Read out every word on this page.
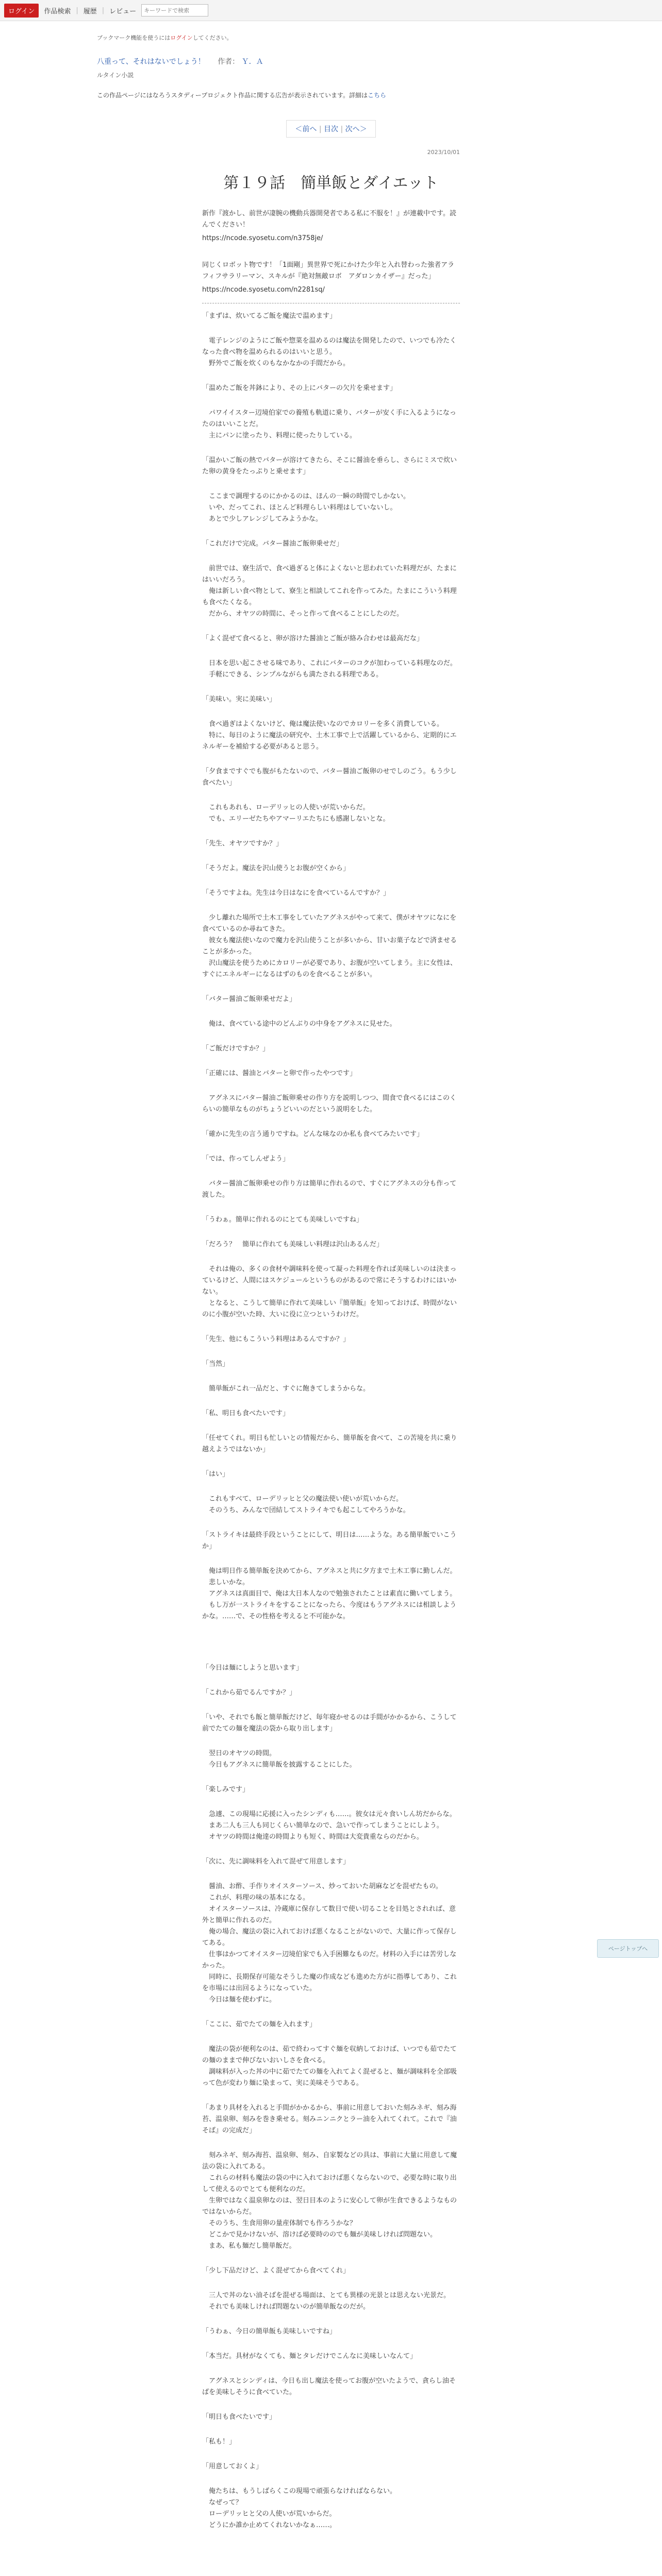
ログイン	作品検索 | 履歴 | レビュー
キーワードで検索
ブックマーク機能を使うにはログインしてください。
八重って、それはないでしょう！ 作者： Ｙ．Ａ
ルタイン小説
この作品ページにはなろうスタディープロジェクト作品に関する広告が表示されています。詳細はこちら
＜前へ | 目次 | 次へ＞
2023/10/01
第１９話　簡単飯とダイエット

新作『渡かし、前世が凄腕の機動兵器開発者である私に不服を！』が連載中です。読んでください！

https://ncode.syosetu.com/n3758je/

同じくロボット物です！「1面剛」異世界で死にかけた少年と入れ替わった強者アラフィフサラリーマン、スキルが『絶対無敵ロボ　アダロンカイザー』だった」

https://ncode.syosetu.com/n2281sq/

「まずは、炊いてるご飯を魔法で温めます」

　電子レンジのようにご飯や惣菜を温めるのは魔法を開発したので、いつでも冷たくなった食べ物を温められるのはいいと思う。

　野外でご飯を炊くのもなかなかの手間だから。

「温めたご飯を丼鉢により、その上にバターの欠片を乗せます」

　パワイイスター辺境伯家での養殖も軌道に乗り、バターが安く手に入るようになったのはいいことだ。

　主にパンに塗ったり、料理に使ったりしている。

「温かいご飯の熱でバターが溶けてきたら、そこに醤油を垂らし、さらにミスで炊いた卵の黄身をたっぷりと乗せます」

　ここまで調理するのにかかるのは、ほんの一瞬の時間でしかない。

　いや、だってこれ、ほとんど料理らしい料理はしていないし。

　あとで少しアレンジしてみようかな。

「これだけで完成。バター醤油ご飯卵乗せだ」

　前世では、寮生活で、食べ過ぎると体によくないと思われていた料理だが、たまにはいいだろう。

　俺は新しい食べ物として、寮生と相談してこれを作ってみた。たまにこういう料理も食べたくなる。

　だから、オヤツの時間に、そっと作って食べることにしたのだ。

「よく混ぜて食べると、卵が溶けた醤油とご飯が絡み合わせは最高だな」

　日本を思い起こさせる味であり、これにバターのコクが加わっている料理なのだ。

　手軽にできる、シンプルながらも満たされる料理である。

「美味い。実に美味い」

　食べ過ぎはよくないけど、俺は魔法使いなのでカロリーを多く消費している。

　特に、毎日のように魔法の研究や、土木工事で上で活躍しているから、定期的にエネルギーを補給する必要があると思う。

「夕食まですぐでも腹がもたないので、バター醤油ご飯卵のせでしのごう。もう少し食べたい」

　これもあれも、ローデリッヒの人使いが荒いからだ。

　でも、エリーゼたちやアマーリエたちにも感謝しないとな。

「先生、オヤツですか？」

「そうだよ。魔法を沢山使うとお腹が空くから」

「そうですよね。先生は今日はなにを食べているんですか？」

　少し離れた場所で土木工事をしていたアグネスがやって来て、僕がオヤツになにを食べているのか尋ねてきた。

　彼女も魔法使いなので魔力を沢山使うことが多いから、甘いお菓子などで済ませることが多かった。

　沢山魔法を使うためにカロリーが必要であり、お腹が空いてしまう。主に女性は、すぐにエネルギーになるはずのものを食べることが多い。

「バター醤油ご飯卵乗せだよ」

　俺は、食べている途中のどんぶりの中身をアグネスに見せた。

「ご飯だけですか？」

「正確には、醤油とバターと卵で作ったやつです」

　アグネスにバター醤油ご飯卵乗せの作り方を説明しつつ、間食で食べるにはこのくらいの簡単なものがちょうどいいのだという説明をした。

「確かに先生の言う通りですね。どんな味なのか私も食べてみたいです」

「では、作ってしんぜよう」

　バター醤油ご飯卵乗せの作り方は簡単に作れるので、すぐにアグネスの分も作って渡した。

「うわぁ。簡単に作れるのにとても美味しいですね」

「だろう？　簡単に作れても美味しい料理は沢山あるんだ」

　それは俺の、多くの食材や調味料を使って凝った料理を作れば美味しいのは決まっているけど、人間にはスケジュールというものがあるので常にそうするわけにはいかない。

　となると、こうして簡単に作れて美味しい『簡単飯』を知っておけば、時間がないのに小腹が空いた時、大いに役に立つというわけだ。

「先生、他にもこういう料理はあるんですか？」

「当然」

　簡単飯がこれ一品だと、すぐに飽きてしまうからな。

「私、明日も食べたいです」

「任せてくれ。明日も忙しいとの情報だから、簡単飯を食べて、この苦境を共に乗り越えようではないか」

「はい」

　これもすべて、ローデリッヒと父の魔法使い使いが荒いからだ。

　そのうち、みんなで団結してストライキでも起こしてやろうかな。

「ストライキは最終手段ということにして、明日は……ような。ある簡単飯でいこうか」

　俺は明日作る簡単飯を決めてから、アグネスと共に夕方まで土木工事に勤しんだ。

　悲しいかな。

　アグネスは真面目で、俺は大日本人なので勉強されたことは素直に働いてしまう。

　もし万が一ストライキをすることになったら、今度はもうアグネスには相談しようかな。……で、その性格を考えると不可能かな。

「今日は麺にしようと思います」

「これから茹でるんですか？」

「いや、それでも飯と簡単飯だけど、毎年寝かせるのは手間がかかるから、こうして前でたての麺を魔法の袋から取り出します」

　翌日のオヤツの時間。

　今日もアグネスに簡単飯を披露することにした。

「楽しみです」

　急遽、この現場に応援に入ったシンディも……。彼女は元々食いしん坊だからな。

　まあ二人も三人も同じくらい簡単なので、急いで作ってしまうことにしよう。

　オヤツの時間は俺達の時間よりも短く、時間は大変貴重ならのだから。

「次に、先に調味料を入れて混ぜて用意します」

　醤油、お酢、手作りオイスターソース、炒っておいた胡麻などを混ぜたもの。

　これが、料理の味の基本になる。

　オイスターソースは、冷蔵庫に保存して数日で使い切ることを目処とされれば、意外と簡単に作れるのだ。

　俺の場合、魔法の袋に入れておけば悪くなることがないので、大量に作って保存してある。

　仕事はかつてオイスター辺境伯家でも入手困難なものだ。材料の入手には苦労しなかった。

　同時に、長期保存可能なそうした魔の作成なども進めた方がに指導してあり、これを市場には出回るようになっていた。

　今日は麺を使わずに。

「ここに、茹でたての麺を入れます」

　魔法の袋が便利なのは、茹で終わってすぐ麺を収納しておけば、いつでも茹でたての麺のままで伸びないおいしさを食べる。

　調味料が入った丼の中に茹でたての麺を入れてよく混ぜると、麺が調味料を全部吸って色が変わり麺に染まって、実に美味そうである。

「あまり具材を入れると手間がかかるから、事前に用意しておいた刻みネギ、刻み海苔、温泉卵、刻みを巻き乗せる。刻みニンニクとラー油を入れてくれて。これで『油そば』の完成だ」

　刻みネギ、刻み海苔、温泉卵、刻み、自家製などの具は、事前に大量に用意して魔法の袋に入れてある。

　これらの材料も魔法の袋の中に入れておけば悪くならないので、必要な時に取り出して使えるのでとても便利なのだ。

　生卵ではなく温泉卵なのは、翌日目本のように安心して卵が生食できるようなものではないからだ。

　そのうち、生食用卵の量産体制でも作ろうかな？

　どこかで見かけないが、溶けば必要時ののでも麺が美味しければ問題ない。

　まあ、私も麺だし簡単飯だ。

「少し下品だけど、よく混ぜてから食べてくれ」

　三人で丼のない油そばを混ぜる場面は、とても異様の光景とは思えない光景だ。

　それでも美味しければ問題ないのが簡単飯なのだが。

「うわぁ、今日の簡単飯も美味しいですね」

「本当だ。具材がなくても、麺とタレだけでこんなに美味しいなんて」

　アグネスとシンディは、今日も出し魔法を使ってお腹が空いたようで、貪らし油そばを美味しそうに食べていた。

「明日も食べたいです」

「私も！」

「用意しておくよ」

　俺たちは、もうしばらくこの現場で頑張らなければならない。

　なぜって？

　ローデリッヒと父の人使いが荒いからだ。

　どうにか誰か止めてくれないかなぁ……。

ページトップへ
